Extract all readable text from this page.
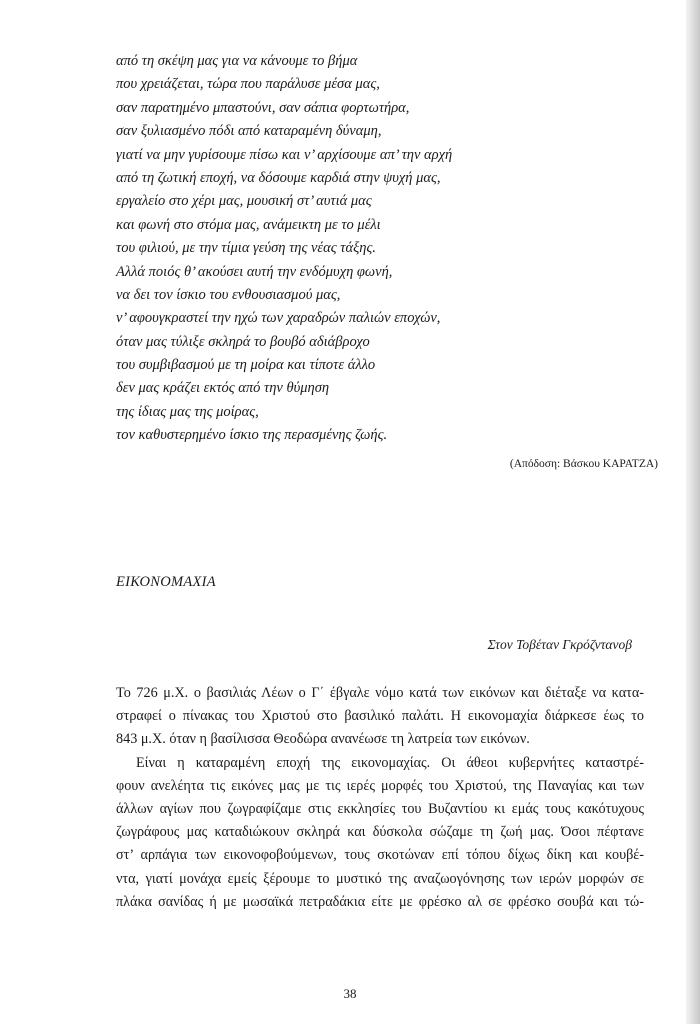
από τη σκέψη μας για να κάνουμε το βήμα
που χρειάζεται, τώρα που παράλυσε μέσα μας,
σαν παρατημένο μπαστούνι, σαν σάπια φορτωτήρα,
σαν ξυλιασμένο πόδι από καταραμένη δύναμη,
γιατί να μην γυρίσουμε πίσω και ν’ αρχίσουμε απ’ την αρχή
από τη ζωτική εποχή, να δόσουμε καρδιά στην ψυχή μας,
εργαλείο στο χέρι μας, μουσική στ’ αυτιά μας
και φωνή στο στόμα μας, ανάμεικτη με το μέλι
του φιλιού, με την τίμια γεύση της νέας τάξης.
Αλλά ποιός θ’ ακούσει αυτή την ενδόμυχη φωνή,
να δει τον ίσκιο του ενθουσιασμού μας,
ν’ αφουγκραστεί την ηχώ των χαραδρών παλιών εποχών,
όταν μας τύλιξε σκληρά το βουβό αδιάβροχο
του συμβιβασμού με τη μοίρα και τίποτε άλλο
δεν μας κράζει εκτός από την θύμηση
της ίδιας μας της μοίρας,
τον καθυστερημένο ίσκιο της περασμένης ζωής.
(Απόδοση: Βάσκου ΚΑΡΑΤΖΑ)
ΕΙΚΟΝΟΜΑΧΙΑ
Στον Τοβέταν Γκρόζντανοβ

Το 726 μ.Χ. ο βασιλιάς Λέων ο Γ΄ έβγαλε νόμο κατά των εικόνων και διέταξε να κατα-
στραφεί ο πίνακας του Χριστού στο βασιλικό παλάτι. Η εικονομαχία διάρκεσε έως το
843 μ.Χ. όταν η βασίλισσα Θεοδώρα ανανέωσε τη λατρεία των εικόνων.

Είναι η καταραμένη εποχή της εικονομαχίας. Οι άθεοι κυβερνήτες καταστρέ-
φουν ανελέητα τις εικόνες μας με τις ιερές μορφές του Χριστού, της Παναγίας και των
άλλων αγίων που ζωγραφίζαμε στις εκκλησίες του Βυζαντίου κι εμάς τους κακότυχους
ζωγράφους μας καταδιώκουν σκληρά και δύσκολα σώζαμε τη ζωή μας. Όσοι πέφτανε
στ’ αρπάγια των εικονοφοβούμενων, τους σκοτώναν επί τόπου δίχως δίκη και κουβέ-
ντα, γιατί μονάχα εμείς ξέρουμε το μυστικό της αναζωογόνησης των ιερών μορφών σε
πλάκα σανίδας ή με μωσαϊκά πετραδάκια είτε με φρέσκο αλ σε φρέσκο σουβά και τώ-

38
